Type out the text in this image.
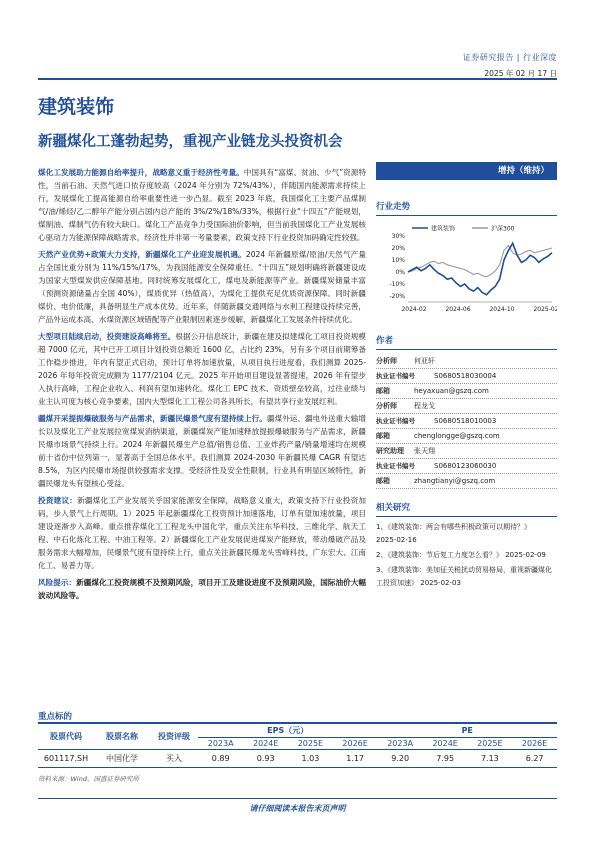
证券研究报告 | 行业深度
2025 年 02 月 17 日
建筑装饰
新疆煤化工蓬勃起势，重视产业链龙头投资机会

煤化工发展助力能源自给率提升，战略意义重于经济性考量。中国具有“富煤、贫油、少气”资源特性，当前石油、天然气进口依存度较高（2024 年分别为 72%/43%），伴随国内能源需求持续上行，发展煤化工提高能源自给率重要性进一步凸显。截至 2023 年底，我国煤化工主要产品煤制气/油/烯烃/乙二醇年产能分别占国内总产能的 3%/2%/18%/33%，根据行业“十四五”产能规划，煤制油、煤制气仍有较大缺口。煤化工产品竞争力受国际油价影响，但当前我国煤化工产业发展核心驱动力为能源保障战略需求，经济性并非第一考量要素，政策支持下行业投资加码确定性较强。

天然产业优势+政策大力支持，新疆煤化工产业迎发展机遇。2024 年新疆原煤/原油/天然气产量占全国比重分别为 11%/15%/17%，为我国能源安全保障重任。“十四五”规划明确将新疆建设成为国家大型煤炭供应保障基地。同时统筹发展煤化工，煤电及新能源等产业。新疆煤炭储量丰富（预测资源储量占全国 40%），煤质优异（热值高），为煤化工提供充足优质资源保障。同时新疆煤价、电价低廉，具备明显生产成本优势。近年来，伴随新疆交通网络与水利工程建设持续完善，产品外运成本高、水煤资源区域错配等产业限制因素逐步缓解，新疆煤化工发展条件持续优化。

大型项目陆续启动，投资建设高峰将至。根据公开信息统计，新疆在建及拟建煤化工项目投资规模超 7000 亿元，其中已开工项目计划投资总额近 1600 亿，占比约 23%，另有多个项目前期筹备工作稳步推进，年内有望正式启动，预计订单将加速放量，从项目执行进度看，我们测算 2025-2026 年每年投资完成额为 1177/2104 亿元。2025 年开始项目建设显著提速，2026 年有望步入执行高峰，工程企业收入、利润有望加速转化。煤化工 EPC 技术、资质壁垒较高，过往业绩与业主认可度为核心竞争要素，国内大型煤化工工程公司各具所长，有望共享行业发展红利。

疆煤开采提振爆破服务与产品需求，新疆民爆景气度有望持续上行。疆煤外运、疆电外送重大输增长以及煤化工产业发展拉宽煤炭消纳渠道，新疆煤炭产能加速释放提振爆破服务与产品需求，新疆民爆市场景气持续上行。2024 年新疆民爆生产总值/销售总值、工业炸药产量/销量增速均在规模前十省份中位列第一，显著高于全国总体水平。我们测算 2024-2030 年新疆民爆 CAGR 有望达 8.5%，为区内民爆市场提供较强需求支撑。受经济性及安全性限制，行业具有明显区域特性，新疆民爆龙头有望核心受益。

投资建议：新疆煤化工产业发展关乎国家能源安全保障，战略意义重大，政策支持下行业投资加码，步入景气上行周期。1）2025 年起新疆煤化工投资预计加速落地，订单有望加速放量，项目建设逐渐步入高峰。重点推荐煤化工工程龙头中国化学，重点关注东华科技、三维化学、航天工程、中石化炼化工程、中油工程等。2）新疆煤化工产业发展促进煤炭产能释放，带动爆破产品及服务需求大幅增加，民爆景气度有望持续上行，重点关注新疆民爆龙头雪峰科技、广东宏大、江南化工、易普力等。

风险提示：新疆煤化工投资规模不及预期风险，项目开工及建设进度不及预期风险，国际油价大幅波动风险等。

增持（维持）
行业走势
建筑装饰	沪深300
30%
20%
10%
0%
-10%
-20%
2024-02	2024-06	2024-10	2025-02
作者
分析师	何亚轩
执业证书编号	S0680518030004
邮箱	heyaxuan@gszq.com
分析师	程龙戈
执业证书编号	S0680518010003
邮箱	chenglongge@gszq.com
研究助理	张天翔
执业证书编号	S0680123060030
邮箱	zhangtianyi@gszq.com
相关研究
1、《建筑装饰：两会有哪些积极政策可以期待？》
2025-02-16
2、《建筑装饰：节后复工力度怎么看？》 2025-02-09
3、《建筑装饰：美加征关税扰动贸易格局，重视新疆煤化工投资加速》 2025-02-03
重点标的
股票代码	股票名称	投资评级	EPS（元）				PE			
			2023A	2024E	2025E	2026E	2023A	2024E	2025E	2026E
601117.SH	中国化学	买入	0.89	0.93	1.03	1.17	9.20	7.95	7.13	6.27
资料来源：Wind，国盛证券研究所
请仔细阅读本报告末页声明
